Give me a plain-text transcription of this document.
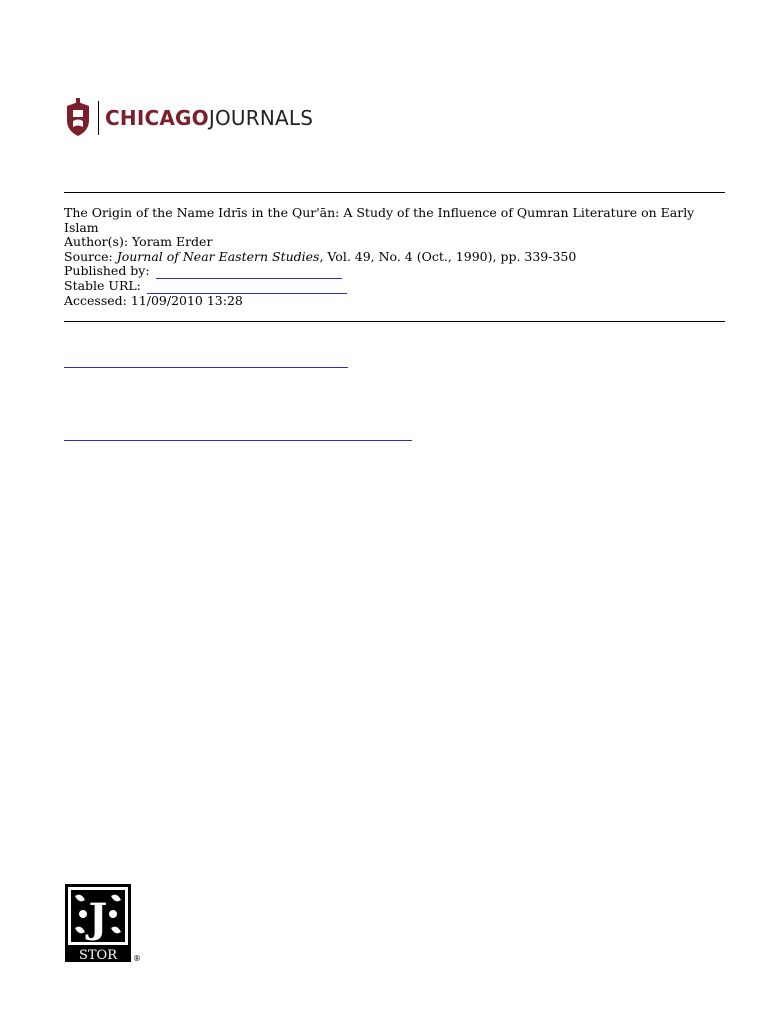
CHICAGOJOURNALS
The Origin of the Name Idrīs in the Qur'ān: A Study of the Influence of Qumran Literature on Early Islam
Author(s): Yoram Erder
Source: Journal of Near Eastern Studies, Vol. 49, No. 4 (Oct., 1990), pp. 339-350
Published by:
Stable URL:
Accessed: 11/09/2010 13:28
J
STOR ®
